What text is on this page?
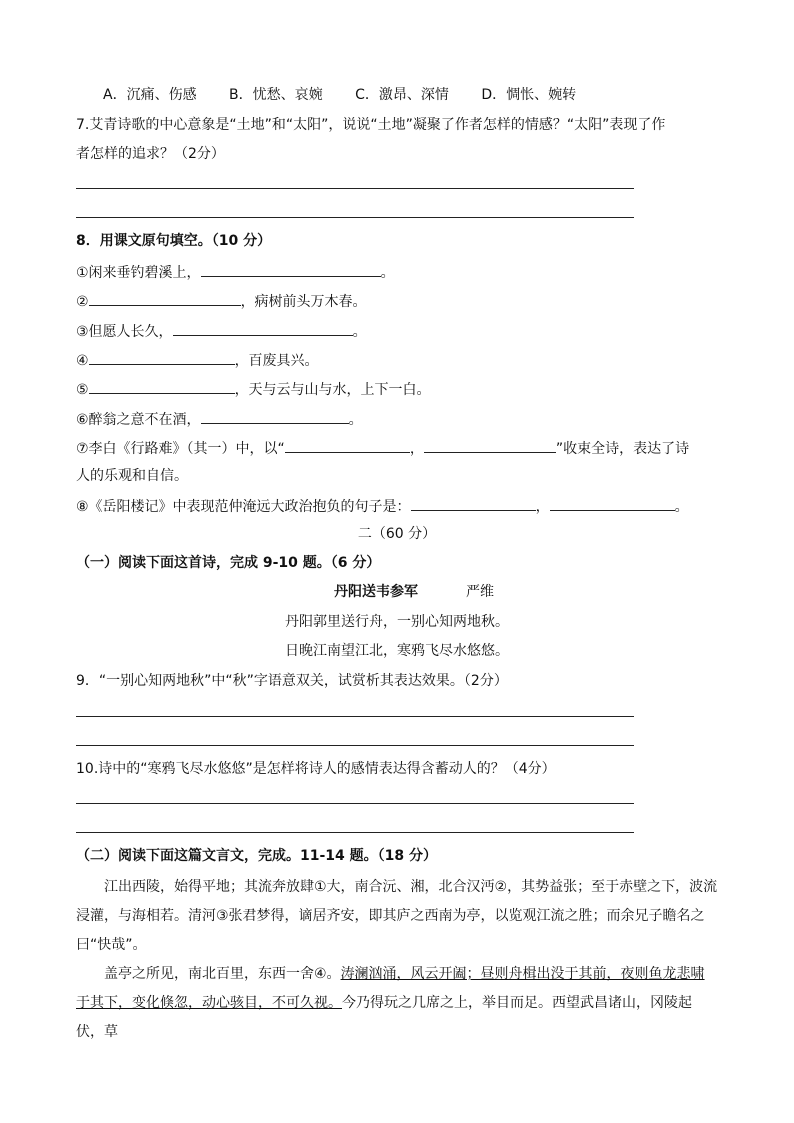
A．沉痛、伤感 B．忧愁、哀婉 C．激昂、深情 D．惆怅、婉转
7.艾青诗歌的中心意象是“土地”和“太阳”，说说“土地”凝聚了作者怎样的情感？“太阳”表现了作
者怎样的追求？（2分）
8．用课文原句填空。（10 分）
①闲来垂钓碧溪上，	。
②	，病树前头万木春。
③但愿人长久，	。
④	，百废具兴。
⑤	，天与云与山与水，上下一白。
⑥醉翁之意不在酒，	。
⑦李白《行路难》（其一）中，以“	，	”收束全诗，表达了诗
人的乐观和自信。
⑧《岳阳楼记》中表现范仲淹远大政治抱负的句子是：	，	。
二（60 分）
（一）阅读下面这首诗，完成 9-10 题。（6 分）
丹阳送韦参军	严维
丹阳郭里送行舟，一别心知两地秋。
日晚江南望江北，寒鸦飞尽水悠悠。
9．“一别心知两地秋”中“秋”字语意双关，试赏析其表达效果。（2分）
10.诗中的“寒鸦飞尽水悠悠”是怎样将诗人的感情表达得含蓄动人的？（4分）
（二）阅读下面这篇文言文，完成。11-14 题。（18 分）
江出西陵，始得平地；其流奔放肆①大，南合沅、湘，北合汉沔②，其势益张；至于赤壁之下，波流浸灌，与海相若。清河③张君梦得，谪居齐安，即其庐之西南为亭，以览观江流之胜；而余兄子瞻名之曰“快哉”。
盖亭之所见，南北百里，东西一舍④。涛澜汹涌，风云开阖；昼则舟楫出没于其前，夜则鱼龙悲啸于其下，变化倏忽，动心骇目，不可久视。今乃得玩之几席之上，举目而足。西望武昌诸山，冈陵起伏，草
